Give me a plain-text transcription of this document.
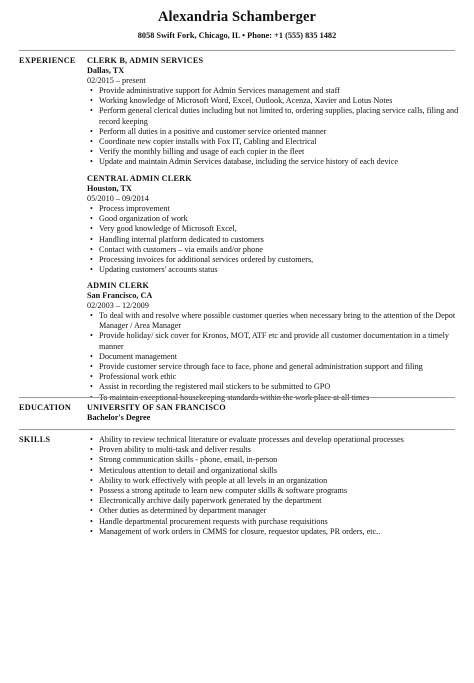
Alexandria Schamberger
8058 Swift Fork, Chicago, IL • Phone: +1 (555) 835 1482
EXPERIENCE CLERK B, ADMIN SERVICES
Dallas, TX
02/2015 – present
• Provide administrative support for Admin Services management and staff
• Working knowledge of Microsoft Word, Excel, Outlook, Acenza, Xavier and Lotus Notes
• Perform general clerical duties including but not limited to, ordering supplies, placing service calls, filing and record keeping
• Perform all duties in a positive and customer service oriented manner
• Coordinate new copier installs with Fox IT, Cabling and Electrical
• Verify the monthly billing and usage of each copier in the fleet
• Update and maintain Admin Services database, including the service history of each device
CENTRAL ADMIN CLERK
Houston, TX
05/2010 – 09/2014
• Process improvement
• Good organization of work
• Very good knowledge of Microsoft Excel,
• Handling internal platform dedicated to customers
• Contact with customers – via emails and/or phone
• Processing invoices for additional services ordered by customers,
• Updating customers' accounts status
ADMIN CLERK
San Francisco, CA
02/2003 – 12/2009
• To deal with and resolve where possible customer queries when necessary bring to the attention of the Depot Manager / Area Manager
• Provide holiday/ sick cover for Kronos, MOT, ATF etc and provide all customer documentation in a timely manner
• Document management
• Provide customer service through face to face, phone and general administration support and filing
• Professional work ethic
• Assist in recording the registered mail stickers to be submitted to GPO
• To maintain exceptional housekeeping standards within the work place at all times
EDUCATION UNIVERSITY OF SAN FRANCISCO
Bachelor's Degree
SKILLS
•	Ability to review technical literature or evaluate processes and develop operational processes
• Proven ability to multi-task and deliver results
• Strong communication skills - phone, email, in-person
• Meticulous attention to detail and organizational skills
• Ability to work effectively with people at all levels in an organization
• Possess a strong aptitude to learn new computer skills & software programs
• Electronically archive daily paperwork generated by the department
• Other duties as determined by department manager
• Handle departmental procurement requests with purchase requisitions
• Management of work orders in CMMS for closure, requestor updates, PR orders, etc..
